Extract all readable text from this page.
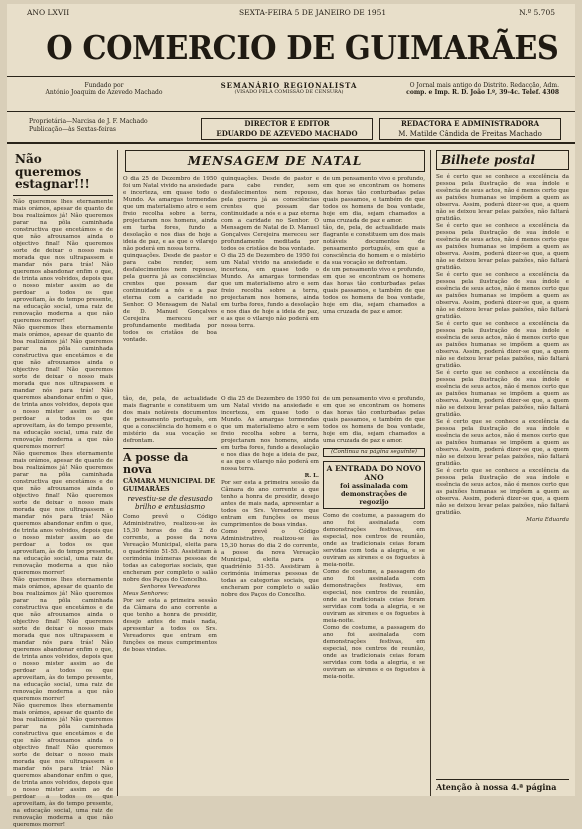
ANO LXVII	SEXTA-FEIRA 5 DE JANEIRO DE 1951	N.º 5.705
O COMERCIO DE GUIMARÃES
Fundado por
António Joaquim de Azevedo Machado
SEMANÁRIO REGIONALISTA
(VISADO PELA COMISSÃO DE CENSURA)
O Jornal mais antigo do Distrito. Redacção, Adm.
comp. e Imp. R. D. João I.º, 39-4c. Telef. 4308
Proprietária—Narcisa de J. F. Machado
Publicação—às Sextas-feiras
DIRECTOR E EDITOR
EDUARDO DE AZEVEDO MACHADO
REDACTORA E ADMINISTRADORA
M. Matilde Cândida de Freitas Machado
Não queremos estagnar!!!
Não queremos lhes eternamente mais orámos, apesar de quanto de boa realizámos já! Não queremos parar na pôla caminhada constructiva que encetámos e de que não afrouxamos ainda o objectivo final! Não queremos sorte de deixar o nosso mais morada que nos ultrapassem e mandar nós para trás! Não queremos abandonar enfim o que, de trinta anos volvidos, depois que o nosso mister assim ao de perdoar a todos os que aproveitam, às do tempo presente, na educação social, uma raiz de renovação moderna a que não queremos morrer!
Não queremos lhes eternamente mais orámos, apesar de quanto de boa realizámos já! Não queremos parar na pôla caminhada constructiva que encetámos e de que não afrouxamos ainda o objectivo final! Não queremos sorte de deixar o nosso mais morada que nos ultrapassem e mandar nós para trás! Não queremos abandonar enfim o que, de trinta anos volvidos, depois que o nosso mister assim ao de perdoar a todos os que aproveitam, às do tempo presente, na educação social, uma raiz de renovação moderna a que não queremos morrer!
Não queremos lhes eternamente mais orámos, apesar de quanto de boa realizámos já! Não queremos parar na pôla caminhada constructiva que encetámos e de que não afrouxamos ainda o objectivo final! Não queremos sorte de deixar o nosso mais morada que nos ultrapassem e mandar nós para trás! Não queremos abandonar enfim o que, de trinta anos volvidos, depois que o nosso mister assim ao de perdoar a todos os que aproveitam, às do tempo presente, na educação social, uma raiz de renovação moderna a que não queremos morrer!
Não queremos lhes eternamente mais orámos, apesar de quanto de boa realizámos já! Não queremos parar na pôla caminhada constructiva que encetámos e de que não afrouxamos ainda o objectivo final! Não queremos sorte de deixar o nosso mais morada que nos ultrapassem e mandar nós para trás! Não queremos abandonar enfim o que, de trinta anos volvidos, depois que o nosso mister assim ao de perdoar a todos os que aproveitam, às do tempo presente, na educação social, uma raiz de renovação moderna a que não queremos morrer!
Não queremos lhes eternamente mais orámos, apesar de quanto de boa realizámos já! Não queremos parar na pôla caminhada constructiva que encetámos e de que não afrouxamos ainda o objectivo final! Não queremos sorte de deixar o nosso mais morada que nos ultrapassem e mandar nós para trás! Não queremos abandonar enfim o que, de trinta anos volvidos, depois que o nosso mister assim ao de perdoar a todos os que aproveitam, às do tempo presente, na educação social, uma raiz de renovação moderna a que não queremos morrer!
MENSAGEM DE NATAL
O dia 25 de Dezembro de 1950 foi um Natal vivido na ansiedade e incerteza, em quase todo o Mundo. As amargas tormendas que um materialismo atro e sem freio recolha sobre a terra, projectaram nos homens, ainda em turba fores, fundo a desolação e nos dias de hoje a ideia de paz, e as que o vilarejo não poderá em nossa terra.
quinquações. Desde de pastor e para cabe render, sem desfalecimentos nem repouso, pela guerra já as consciências crentes que possam dar continuidade a nós e a paz eterna com a caridade no Senhor. O Mensagem de Natal de D. Manuel Gonçalves Cerejeira mereceu ser profundamente meditada por todos os cristãos de boa vontade.
quinquações. Desde de pastor e para cabe render, sem desfalecimentos nem repouso, pela guerra já as consciências crentes que possam dar continuidade a nós e a paz eterna com a caridade no Senhor. O Mensagem de Natal de D. Manuel Gonçalves Cerejeira mereceu ser profundamente meditada por todos os cristãos de boa vontade.
O dia 25 de Dezembro de 1950 foi um Natal vivido na ansiedade e incerteza, em quase todo o Mundo. As amargas tormendas que um materialismo atro e sem freio recolha sobre a terra, projectaram nos homens, ainda em turba fores, fundo a desolação e nos dias de hoje a ideia de paz, e as que o vilarejo não poderá em nossa terra.
de um pensamento vivo e profundo, em que se encontram os homens das horas tão conturbadas pelas quais passamos, e também de que todos os homens de boa vontade, hoje em dia, sejam chamados a uma cruzada de paz e amor.
tão, de, pela, de actualidade mais flagrante e constituem um dos mais notáveis documentos de pensamento português, em que a consciência do homem e o mistério da sua vocação se defrontam.
de um pensamento vivo e profundo, em que se encontram os homens das horas tão conturbadas pelas quais passamos, e também de que todos os homens de boa vontade, hoje em dia, sejam chamados a uma cruzada de paz e amor.
tão, de, pela, de actualidade mais flagrante e constituem um dos mais notáveis documentos de pensamento português, em que a consciência do homem e o mistério da sua vocação se defrontam.
A posse da nova
CÂMARA MUNICIPAL DE GUIMARÃES
revestiu-se de desusado brilho e entusiasmo
Como prevê o Código Administrativo, realizou-se às 15,30 horas do dia 2 do corrente, a posse da nova Vereação Municipal, eleita para o quadriénio 51-55. Assistiram à cerimónia inúmeras pessoas de todas as categorias sociais, que encheram por completo o salão nobre dos Paços do Concelho.
Senhores Vereadores
Meus Senhores:
Por ser esta a primeira sessão da Câmara do ano corrente a que tenho a honra de presidir, desejo antes de mais nada, apresentar a todos os Srs. Vereadores que entram em funções os meus cumprimentos de boas vindas.
O dia 25 de Dezembro de 1950 foi um Natal vivido na ansiedade e incerteza, em quase todo o Mundo. As amargas tormendas que um materialismo atro e sem freio recolha sobre a terra, projectaram nos homens, ainda em turba fores, fundo a desolação e nos dias de hoje a ideia de paz, e as que o vilarejo não poderá em nossa terra.
R. L.
Por ser esta a primeira sessão da Câmara do ano corrente a que tenho a honra de presidir, desejo antes de mais nada, apresentar a todos os Srs. Vereadores que entram em funções os meus cumprimentos de boas vindas.
Como prevê o Código Administrativo, realizou-se às 15,30 horas do dia 2 do corrente, a posse da nova Vereação Municipal, eleita para o quadriénio 51-55. Assistiram à cerimónia inúmeras pessoas de todas as categorias sociais, que encheram por completo o salão nobre dos Paços do Concelho.
de um pensamento vivo e profundo, em que se encontram os homens das horas tão conturbadas pelas quais passamos, e também de que todos os homens de boa vontade, hoje em dia, sejam chamados a uma cruzada de paz e amor.
(Continua na página seguinte)
A ENTRADA DO NOVO ANO
foi assinalada com demonstrações de regozijo
Como de costume, a passagem do ano foi assinalada com demonstrações festivas, em especial, nos centros de reunião, onde as tradicionais ceias foram servidas com toda a alegria, e se ouviram as sirenes e os foguetes à meia-noite.
Como de costume, a passagem do ano foi assinalada com demonstrações festivas, em especial, nos centros de reunião, onde as tradicionais ceias foram servidas com toda a alegria, e se ouviram as sirenes e os foguetes à meia-noite.
Como de costume, a passagem do ano foi assinalada com demonstrações festivas, em especial, nos centros de reunião, onde as tradicionais ceias foram servidas com toda a alegria, e se ouviram as sirenes e os foguetes à meia-noite.
Bilhete postal
Se é certo que se conhece a excelência da pessoa pela ilustração de sua índole e essência de seus actos, não é menos certo que as paixões humanas se impõem a quem as observa. Assim, poderá dizer-se que, a quem não se deixou levar pelas paixões, não faltará gratidão.
Se é certo que se conhece a excelência da pessoa pela ilustração de sua índole e essência de seus actos, não é menos certo que as paixões humanas se impõem a quem as observa. Assim, poderá dizer-se que, a quem não se deixou levar pelas paixões, não faltará gratidão.
Se é certo que se conhece a excelência da pessoa pela ilustração de sua índole e essência de seus actos, não é menos certo que as paixões humanas se impõem a quem as observa. Assim, poderá dizer-se que, a quem não se deixou levar pelas paixões, não faltará gratidão.
Se é certo que se conhece a excelência da pessoa pela ilustração de sua índole e essência de seus actos, não é menos certo que as paixões humanas se impõem a quem as observa. Assim, poderá dizer-se que, a quem não se deixou levar pelas paixões, não faltará gratidão.
Se é certo que se conhece a excelência da pessoa pela ilustração de sua índole e essência de seus actos, não é menos certo que as paixões humanas se impõem a quem as observa. Assim, poderá dizer-se que, a quem não se deixou levar pelas paixões, não faltará gratidão.
Se é certo que se conhece a excelência da pessoa pela ilustração de sua índole e essência de seus actos, não é menos certo que as paixões humanas se impõem a quem as observa. Assim, poderá dizer-se que, a quem não se deixou levar pelas paixões, não faltará gratidão.
Se é certo que se conhece a excelência da pessoa pela ilustração de sua índole e essência de seus actos, não é menos certo que as paixões humanas se impõem a quem as observa. Assim, poderá dizer-se que, a quem não se deixou levar pelas paixões, não faltará gratidão.
Maria Eduarda
Atenção à nossa 4.ª página
